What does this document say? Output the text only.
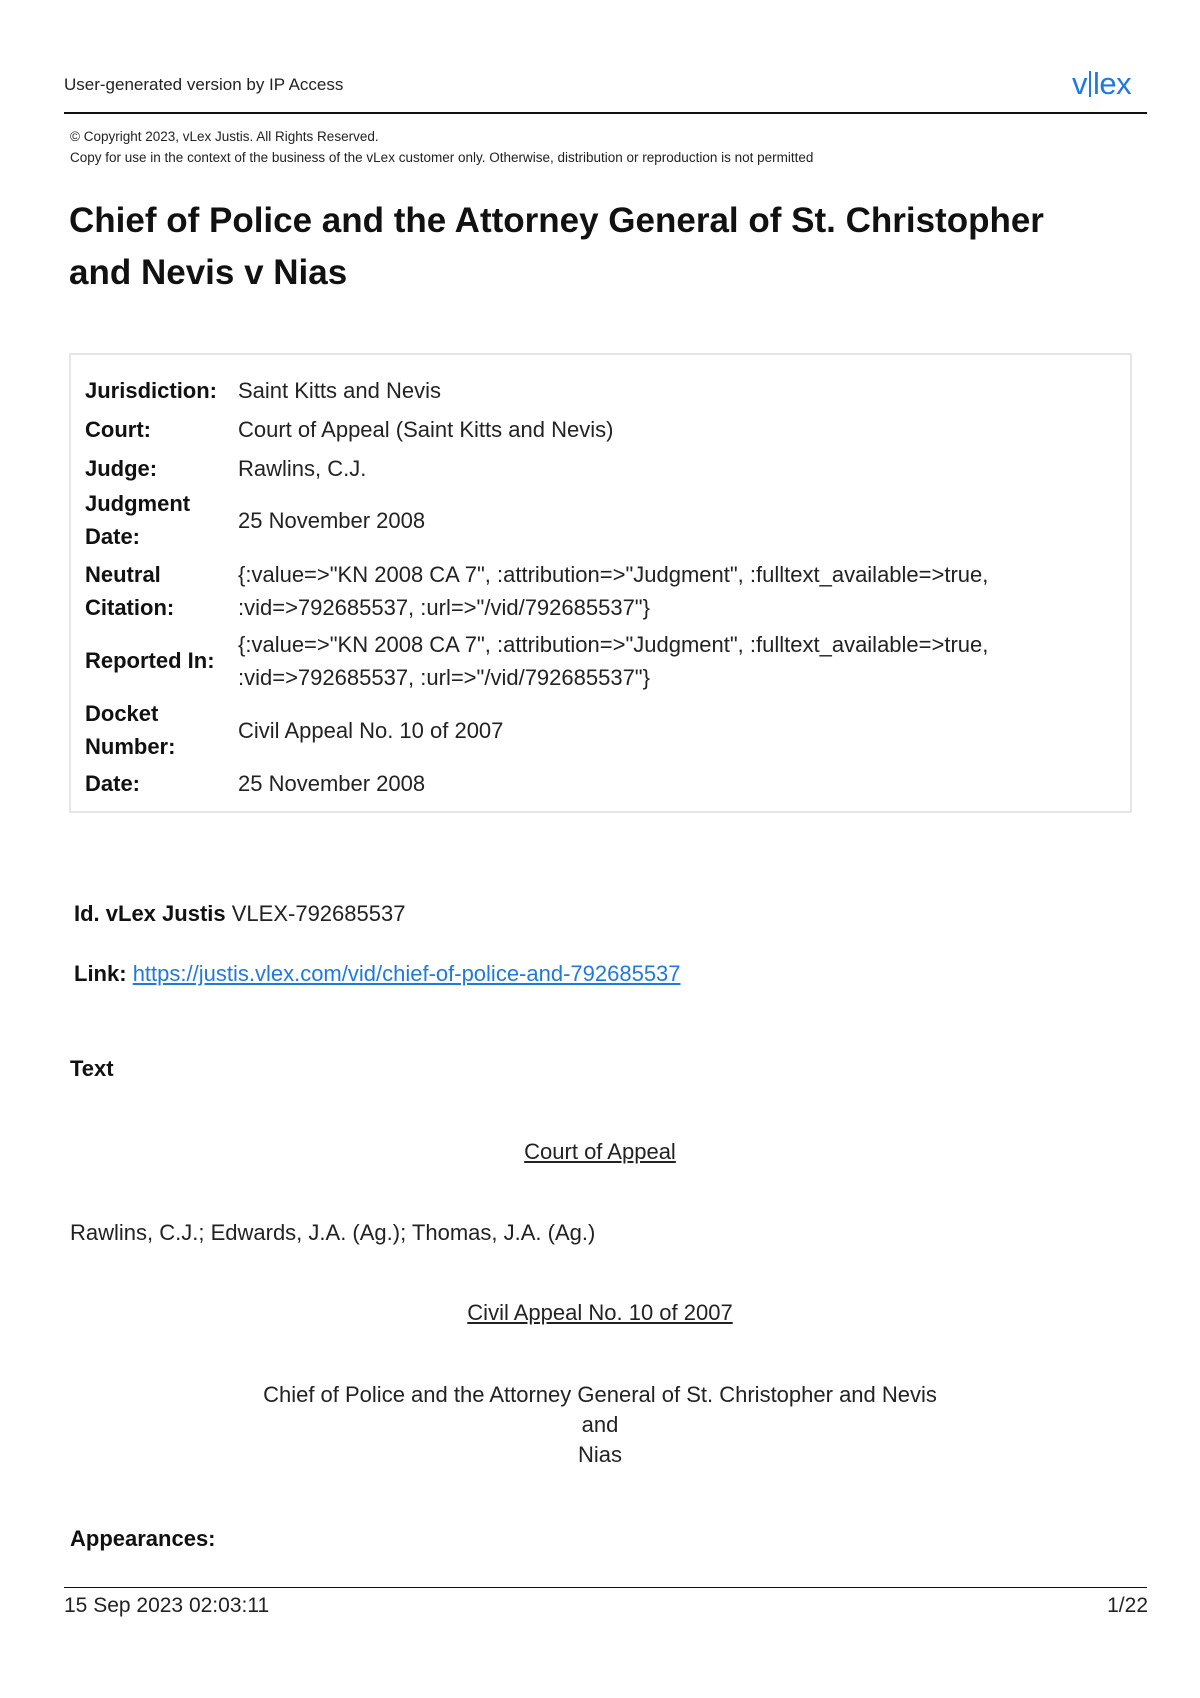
User-generated version by IP Access	v lex
© Copyright 2023, vLex Justis. All Rights Reserved.
Copy for use in the context of the business of the vLex customer only. Otherwise, distribution or reproduction is not permitted
Chief of Police and the Attorney General of St. Christopher
and Nevis v Nias
Jurisdiction: Saint Kitts and Nevis
Court:	Court of Appeal (Saint Kitts and Nevis)
Judge:	Rawlins, C.J.
Judgment
Date:
25 November 2008
Neutral
Citation:
{:value=>"KN 2008 CA 7", :attribution=>"Judgment", :fulltext_available=>true,
:vid=>792685537, :url=>"/vid/792685537"}
Reported In:
{:value=>"KN 2008 CA 7", :attribution=>"Judgment", :fulltext_available=>true,
:vid=>792685537, :url=>"/vid/792685537"}
Docket
Number:
Civil Appeal No. 10 of 2007
Date:	25 November 2008
Id. vLex Justis VLEX-792685537
Link: https://justis.vlex.com/vid/chief-of-police-and-792685537
Text
Court of Appeal
Rawlins, C.J.; Edwards, J.A. (Ag.); Thomas, J.A. (Ag.)
Civil Appeal No. 10 of 2007
Chief of Police and the Attorney General of St. Christopher and Nevis
and
Nias
Appearances:
15 Sep 2023 02:03:11	1/22
